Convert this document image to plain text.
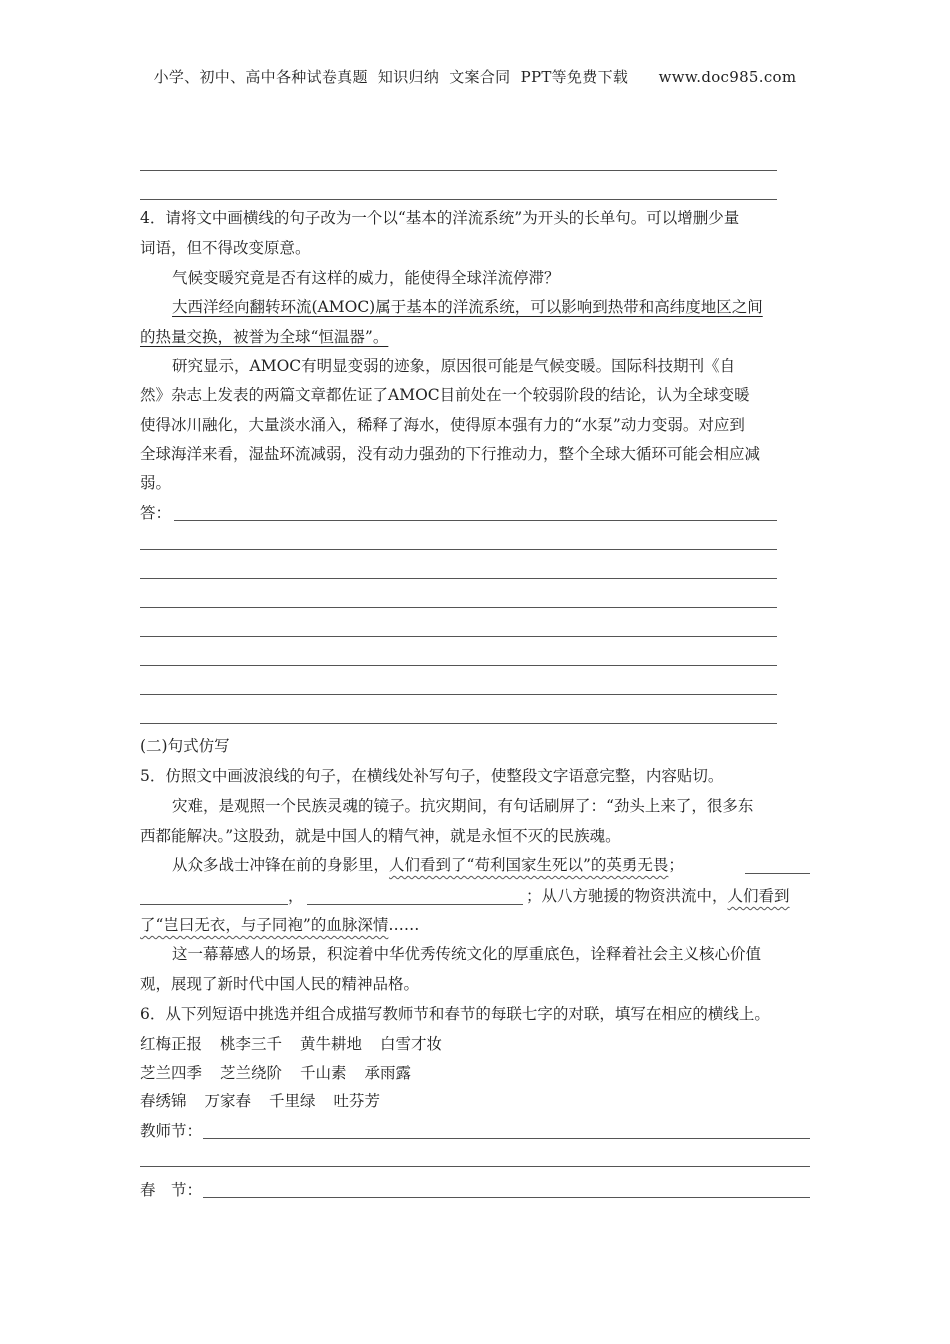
小学、初中、高中各种试卷真题  知识归纳  文案合同  PPT等免费下载 www.doc985.com
4．请将文中画横线的句子改为一个以“基本的洋流系统”为开头的长单句。可以增删少量
词语，但不得改变原意。
气候变暖究竟是否有这样的威力，能使得全球洋流停滞？
大西洋经向翻转环流(AMOC)属于基本的洋流系统，可以影响到热带和高纬度地区之间
的热量交换，被誉为全球“恒温器”。
研究显示，AMOC有明显变弱的迹象，原因很可能是气候变暖。国际科技期刊《自
然》杂志上发表的两篇文章都佐证了AMOC目前处在一个较弱阶段的结论，认为全球变暖
使得冰川融化，大量淡水涌入，稀释了海水，使得原本强有力的“水泵”动力变弱。对应到
全球海洋来看，湿盐环流减弱，没有动力强劲的下行推动力，整个全球大循环可能会相应减
弱。
答：
(二)句式仿写
5．仿照文中画波浪线的句子，在横线处补写句子，使整段文字语意完整，内容贴切。
灾难，是观照一个民族灵魂的镜子。抗灾期间，有句话刷屏了：“劲头上来了，很多东
西都能解决。”这股劲，就是中国人的精气神，就是永恒不灭的民族魂。
从众多战士冲锋在前的身影里，人们看到了“苟利国家生死以”的英勇无畏；
，	；从八方驰援的物资洪流中，人们看到
了“岂曰无衣，与子同袍”的血脉深情……
这一幕幕感人的场景，积淀着中华优秀传统文化的厚重底色，诠释着社会主义核心价值
观，展现了新时代中国人民的精神品格。
6．从下列短语中挑选并组合成描写教师节和春节的每联七字的对联，填写在相应的横线上。
红梅正报 桃李三千 黄牛耕地 白雪才妆
芝兰四季 芝兰绕阶 千山素 承雨露
春绣锦 万家春 千里绿 吐芬芳
教师节：
春　节：
